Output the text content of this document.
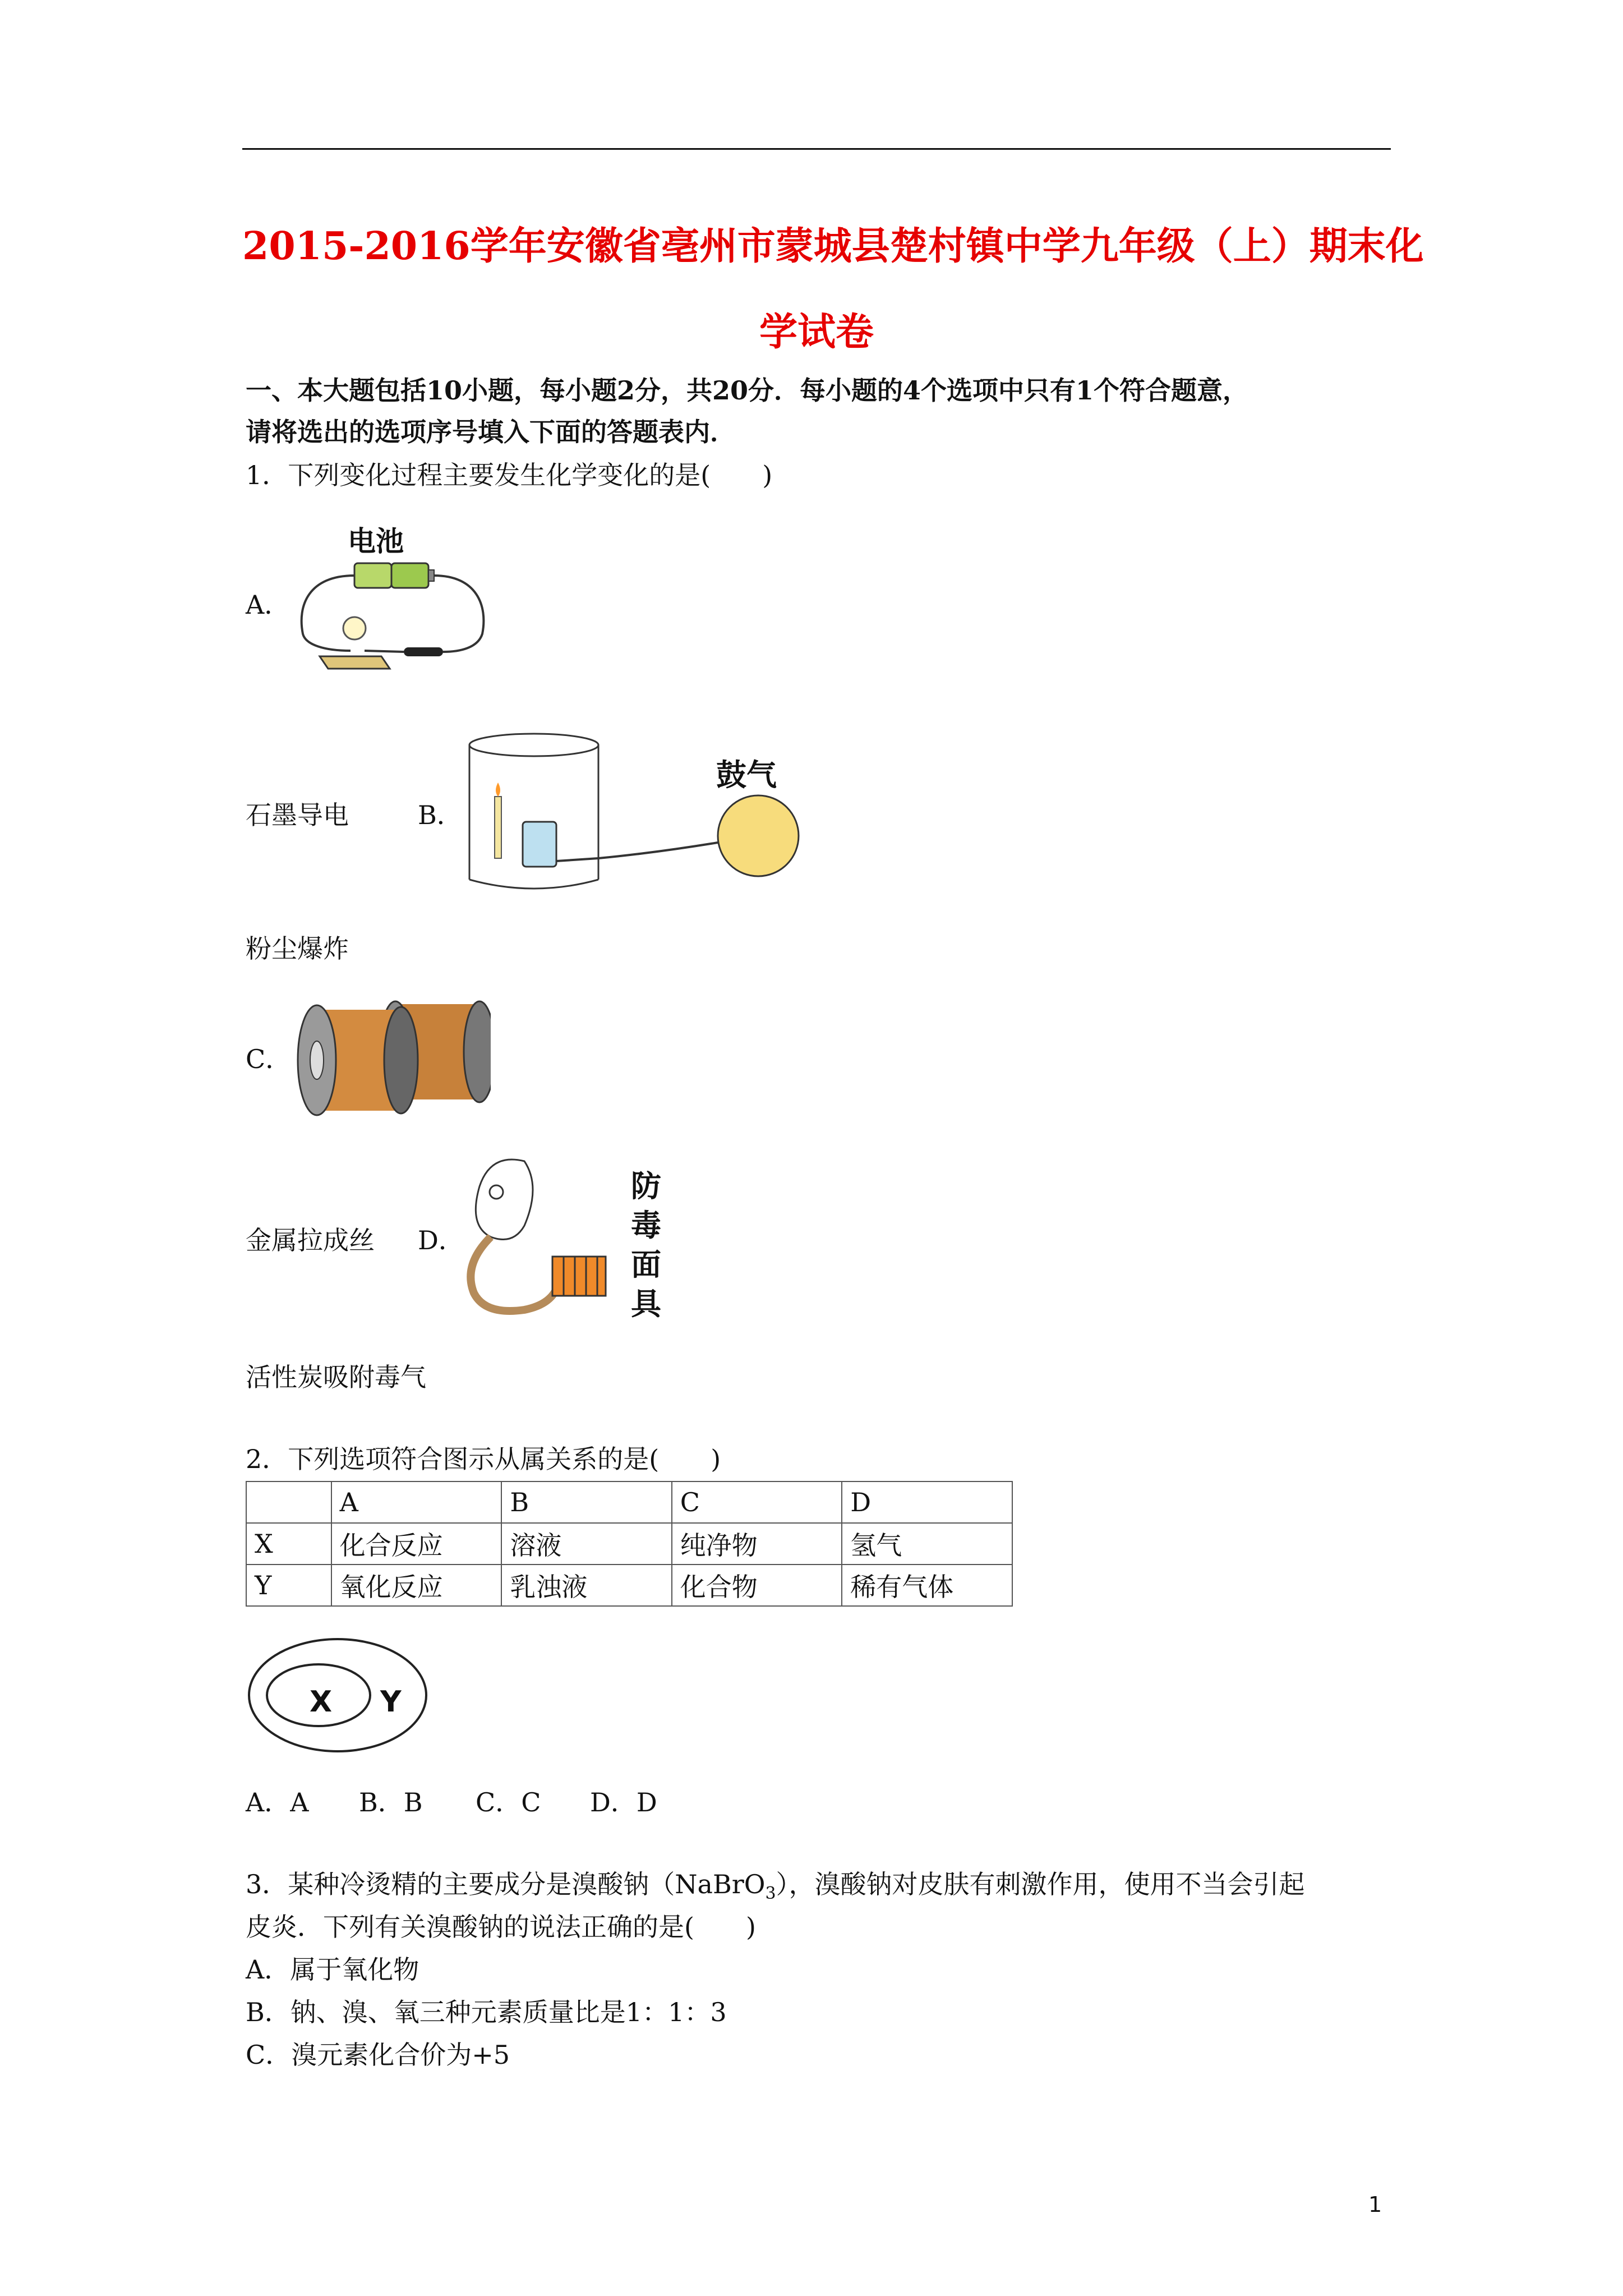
2015-2016学年安徽省亳州市蒙城县楚村镇中学九年级（上）期末化
学试卷
一、本大题包括10小题，每小题2分，共20分．每小题的4个选项中只有1个符合题意，
请将选出的选项序号填入下面的答题表内．
1．下列变化过程主要发生化学变化的是(　　)
A．
电池
石墨导电	B．
鼓气
粉尘爆炸
C．
金属拉成丝 D．
防
毒
面
具
活性炭吸附毒气
2．下列选项符合图示从属关系的是(　　)
	A	B	C	D
X	化合反应	溶液	纯净物	氢气
Y	氧化反应	乳浊液	化合物	稀有气体
X Y
A．A B．B C．C D．D
3．某种冷烫精的主要成分是溴酸钠（NaBrO$_3$），溴酸钠对皮肤有刺激作用，使用不当会引起
皮炎．下列有关溴酸钠的说法正确的是(　　)
A．属于氧化物
B．钠、溴、氧三种元素质量比是1：1：3
C．溴元素化合价为+5
1
